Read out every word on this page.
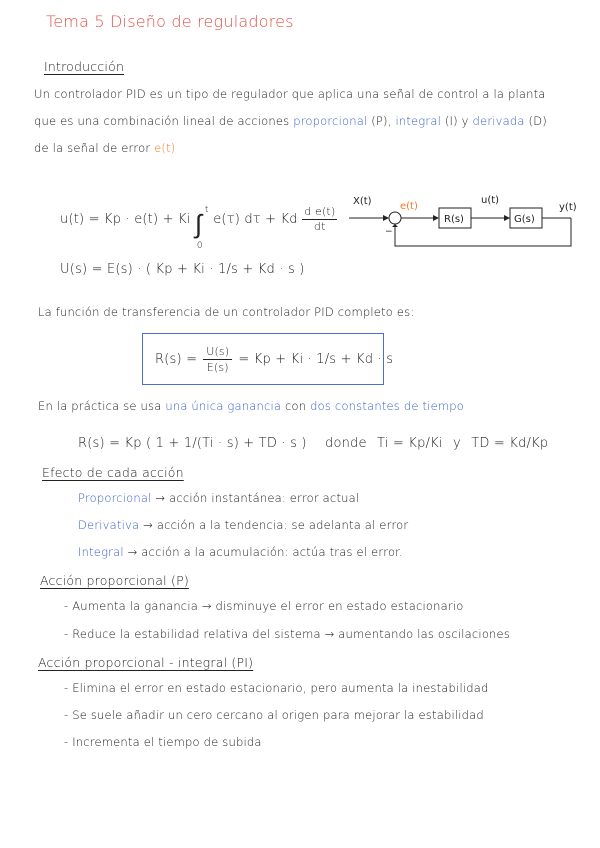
Tema 5 Diseño de reguladores
Introducción
Un controlador PID es un tipo de regulador que aplica una señal de control a la planta
que es una combinación lineal de acciones proporcional (P), integral (I) y derivada (D)
de la señal de error e(t)
u(t) = Kp · e(t) + Ki ∫ t
0
e(τ) dτ + Kd $\frac{\text{d e(t)}}{dt}$
U(s) = E(s) · ( Kp + Ki · 1/s + Kd · s )
X(t)
−
e(t)
R(s)
u(t)
G(s)
y(t)
La función de transferencia de un controlador PID completo es:
$R(s) = \frac{U(s)}{E(s)} = Kp + Ki \cdot 1/s + Kd \cdot s$
En la práctica se usa una única ganancia con dos constantes de tiempo
R(s) = Kp ( 1 + 1/(Ti · s) + TD · s ) donde Ti = Kp/Ki y TD = Kd/Kp
Efecto de cada acción
Proporcional → acción instantánea: error actual
Derivativa → acción a la tendencia: se adelanta al error
Integral → acción a la acumulación: actúa tras el error.
Acción proporcional (P)
- Aumenta la ganancia → disminuye el error en estado estacionario
- Reduce la estabilidad relativa del sistema → aumentando las oscilaciones
Acción proporcional - integral (PI)
- Elimina el error en estado estacionario, pero aumenta la inestabilidad
- Se suele añadir un cero cercano al origen para mejorar la estabilidad
- Incrementa el tiempo de subida
